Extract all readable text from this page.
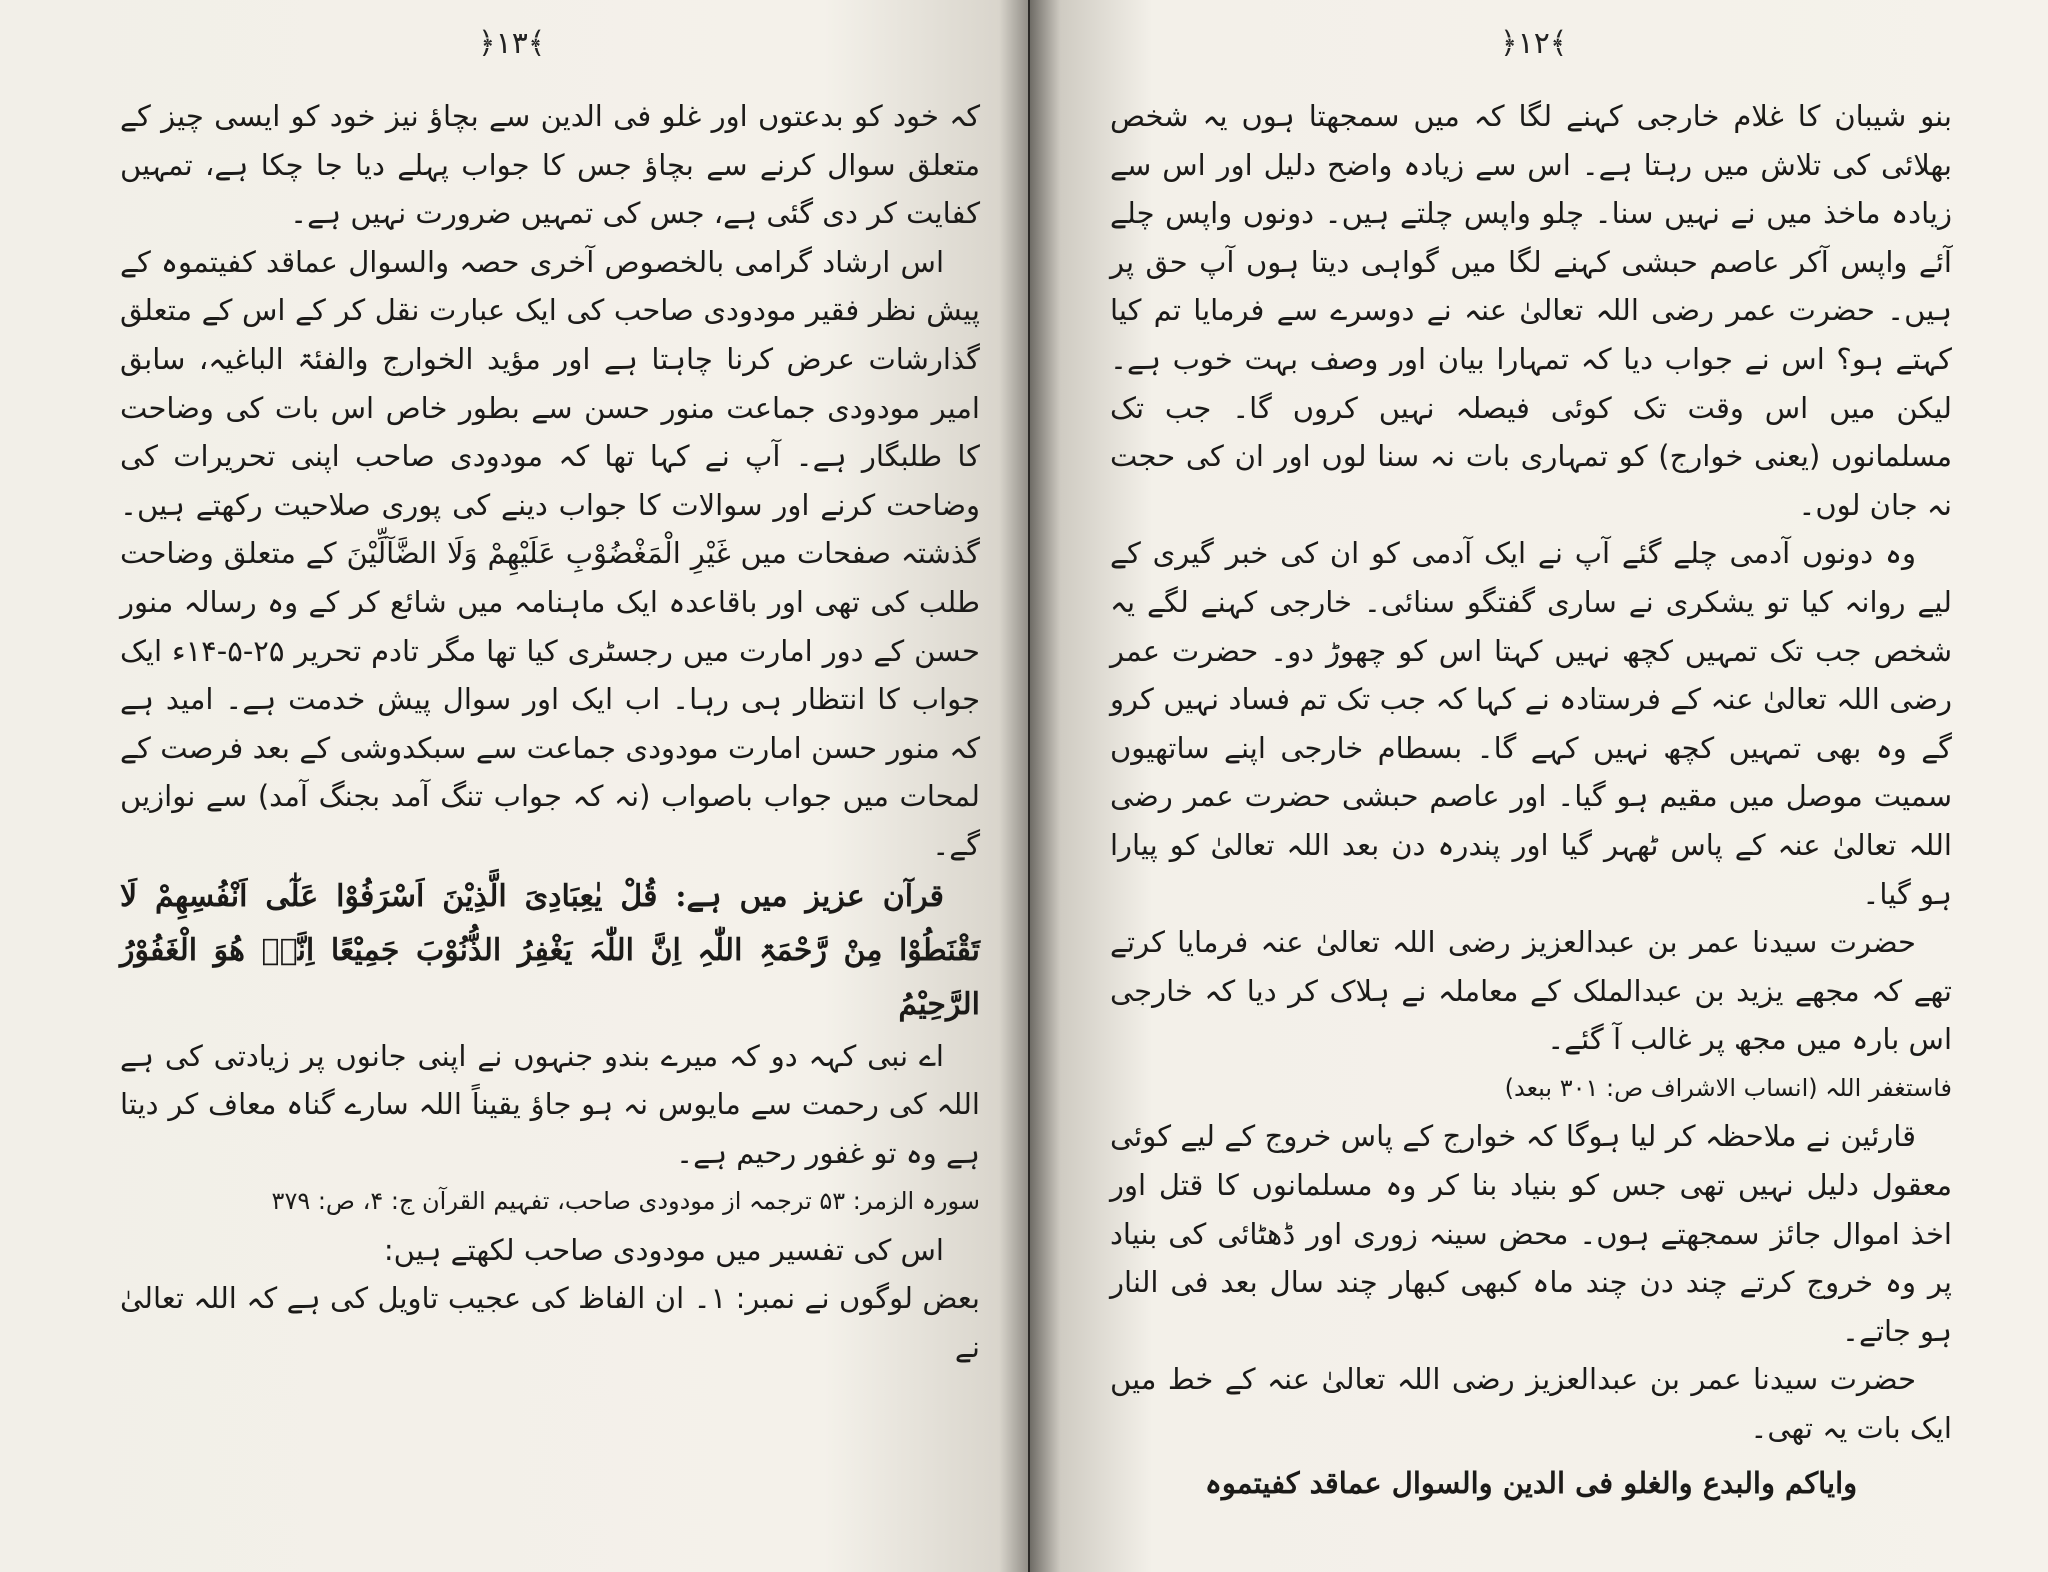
﴿۱۳﴾

کہ خود کو بدعتوں اور غلو فی الدین سے بچاؤ نیز خود کو ایسی چیز کے متعلق سوال کرنے سے بچاؤ جس کا جواب پہلے دیا جا چکا ہے، تمہیں کفایت کر دی گئی ہے، جس کی تمہیں ضرورت نہیں ہے۔

اس ارشاد گرامی بالخصوص آخری حصہ والسوال عماقد کفیتموہ کے پیش نظر فقیر مودودی صاحب کی ایک عبارت نقل کر کے اس کے متعلق گذارشات عرض کرنا چاہتا ہے اور مؤید الخوارج والفئۃ الباغیہ، سابق امیر مودودی جماعت منور حسن سے بطور خاص اس بات کی وضاحت کا طلبگار ہے۔ آپ نے کہا تھا کہ مودودی صاحب اپنی تحریرات کی وضاحت کرنے اور سوالات کا جواب دینے کی پوری صلاحیت رکھتے ہیں۔ گذشتہ صفحات میں غَیْرِ الْمَغْضُوْبِ عَلَیْھِمْ وَلَا الضَّآلِّیْنَ کے متعلق وضاحت طلب کی تھی اور باقاعدہ ایک ماہنامہ میں شائع کر کے وہ رسالہ منور حسن کے دور امارت میں رجسٹری کیا تھا مگر تادم تحریر ۲۵-۵-۱۴ء ایک جواب کا انتظار ہی رہا۔ اب ایک اور سوال پیش خدمت ہے۔ امید ہے کہ منور حسن امارت مودودی جماعت سے سبکدوشی کے بعد فرصت کے لمحات میں جواب باصواب (نہ کہ جواب تنگ آمد بجنگ آمد) سے نوازیں گے۔

قرآن عزیز میں ہے: قُلْ یٰعِبَادِیَ الَّذِیْنَ اَسْرَفُوْا عَلٰٓی اَنْفُسِھِمْ لَا تَقْنَطُوْا مِنْ رَّحْمَۃِ اللّٰہِ اِنَّ اللّٰہَ یَغْفِرُ الذُّنُوْبَ جَمِیْعًا اِنَّہٗ ھُوَ الْغَفُوْرُ الرَّحِیْمُ

اے نبی کہہ دو کہ میرے بندو جنہوں نے اپنی جانوں پر زیادتی کی ہے اللہ کی رحمت سے مایوس نہ ہو جاؤ یقیناً اللہ سارے گناہ معاف کر دیتا ہے وہ تو غفور رحیم ہے۔

سورہ الزمر: ۵۳ ترجمہ از مودودی صاحب، تفہیم القرآن ج: ۴، ص: ۳۷۹

اس کی تفسیر میں مودودی صاحب لکھتے ہیں:

بعض لوگوں نے نمبر: ۱۔ ان الفاظ کی عجیب تاویل کی ہے کہ اللہ تعالیٰ نے

﴿۱۲﴾

بنو شیبان کا غلام خارجی کہنے لگا کہ میں سمجھتا ہوں یہ شخص بھلائی کی تلاش میں رہتا ہے۔ اس سے زیادہ واضح دلیل اور اس سے زیادہ ماخذ میں نے نہیں سنا۔ چلو واپس چلتے ہیں۔ دونوں واپس چلے آئے واپس آکر عاصم حبشی کہنے لگا میں گواہی دیتا ہوں آپ حق پر ہیں۔ حضرت عمر رضی اللہ تعالیٰ عنہ نے دوسرے سے فرمایا تم کیا کہتے ہو؟ اس نے جواب دیا کہ تمہارا بیان اور وصف بہت خوب ہے۔ لیکن میں اس وقت تک کوئی فیصلہ نہیں کروں گا۔ جب تک مسلمانوں (یعنی خوارج) کو تمہاری بات نہ سنا لوں اور ان کی حجت نہ جان لوں۔

وہ دونوں آدمی چلے گئے آپ نے ایک آدمی کو ان کی خبر گیری کے لیے روانہ کیا تو یشکری نے ساری گفتگو سنائی۔ خارجی کہنے لگے یہ شخص جب تک تمہیں کچھ نہیں کہتا اس کو چھوڑ دو۔ حضرت عمر رضی اللہ تعالیٰ عنہ کے فرستادہ نے کہا کہ جب تک تم فساد نہیں کرو گے وہ بھی تمہیں کچھ نہیں کہے گا۔ بسطام خارجی اپنے ساتھیوں سمیت موصل میں مقیم ہو گیا۔ اور عاصم حبشی حضرت عمر رضی اللہ تعالیٰ عنہ کے پاس ٹھہر گیا اور پندرہ دن بعد اللہ تعالیٰ کو پیارا ہو گیا۔

حضرت سیدنا عمر بن عبدالعزیز رضی اللہ تعالیٰ عنہ فرمایا کرتے تھے کہ مجھے یزید بن عبدالملک کے معاملہ نے ہلاک کر دیا کہ خارجی اس بارہ میں مجھ پر غالب آ گئے۔

فاستغفر اللہ (انساب الاشراف ص: ۳۰۱ ببعد)

قارئین نے ملاحظہ کر لیا ہوگا کہ خوارج کے پاس خروج کے لیے کوئی معقول دلیل نہیں تھی جس کو بنیاد بنا کر وہ مسلمانوں کا قتل اور اخذ اموال جائز سمجھتے ہوں۔ محض سینہ زوری اور ڈھٹائی کی بنیاد پر وہ خروج کرتے چند دن چند ماہ کبھی کبھار چند سال بعد فی النار ہو جاتے۔

حضرت سیدنا عمر بن عبدالعزیز رضی اللہ تعالیٰ عنہ کے خط میں ایک بات یہ تھی۔

وایاکم والبدع والغلو فی الدین والسوال عماقد کفیتموہ
